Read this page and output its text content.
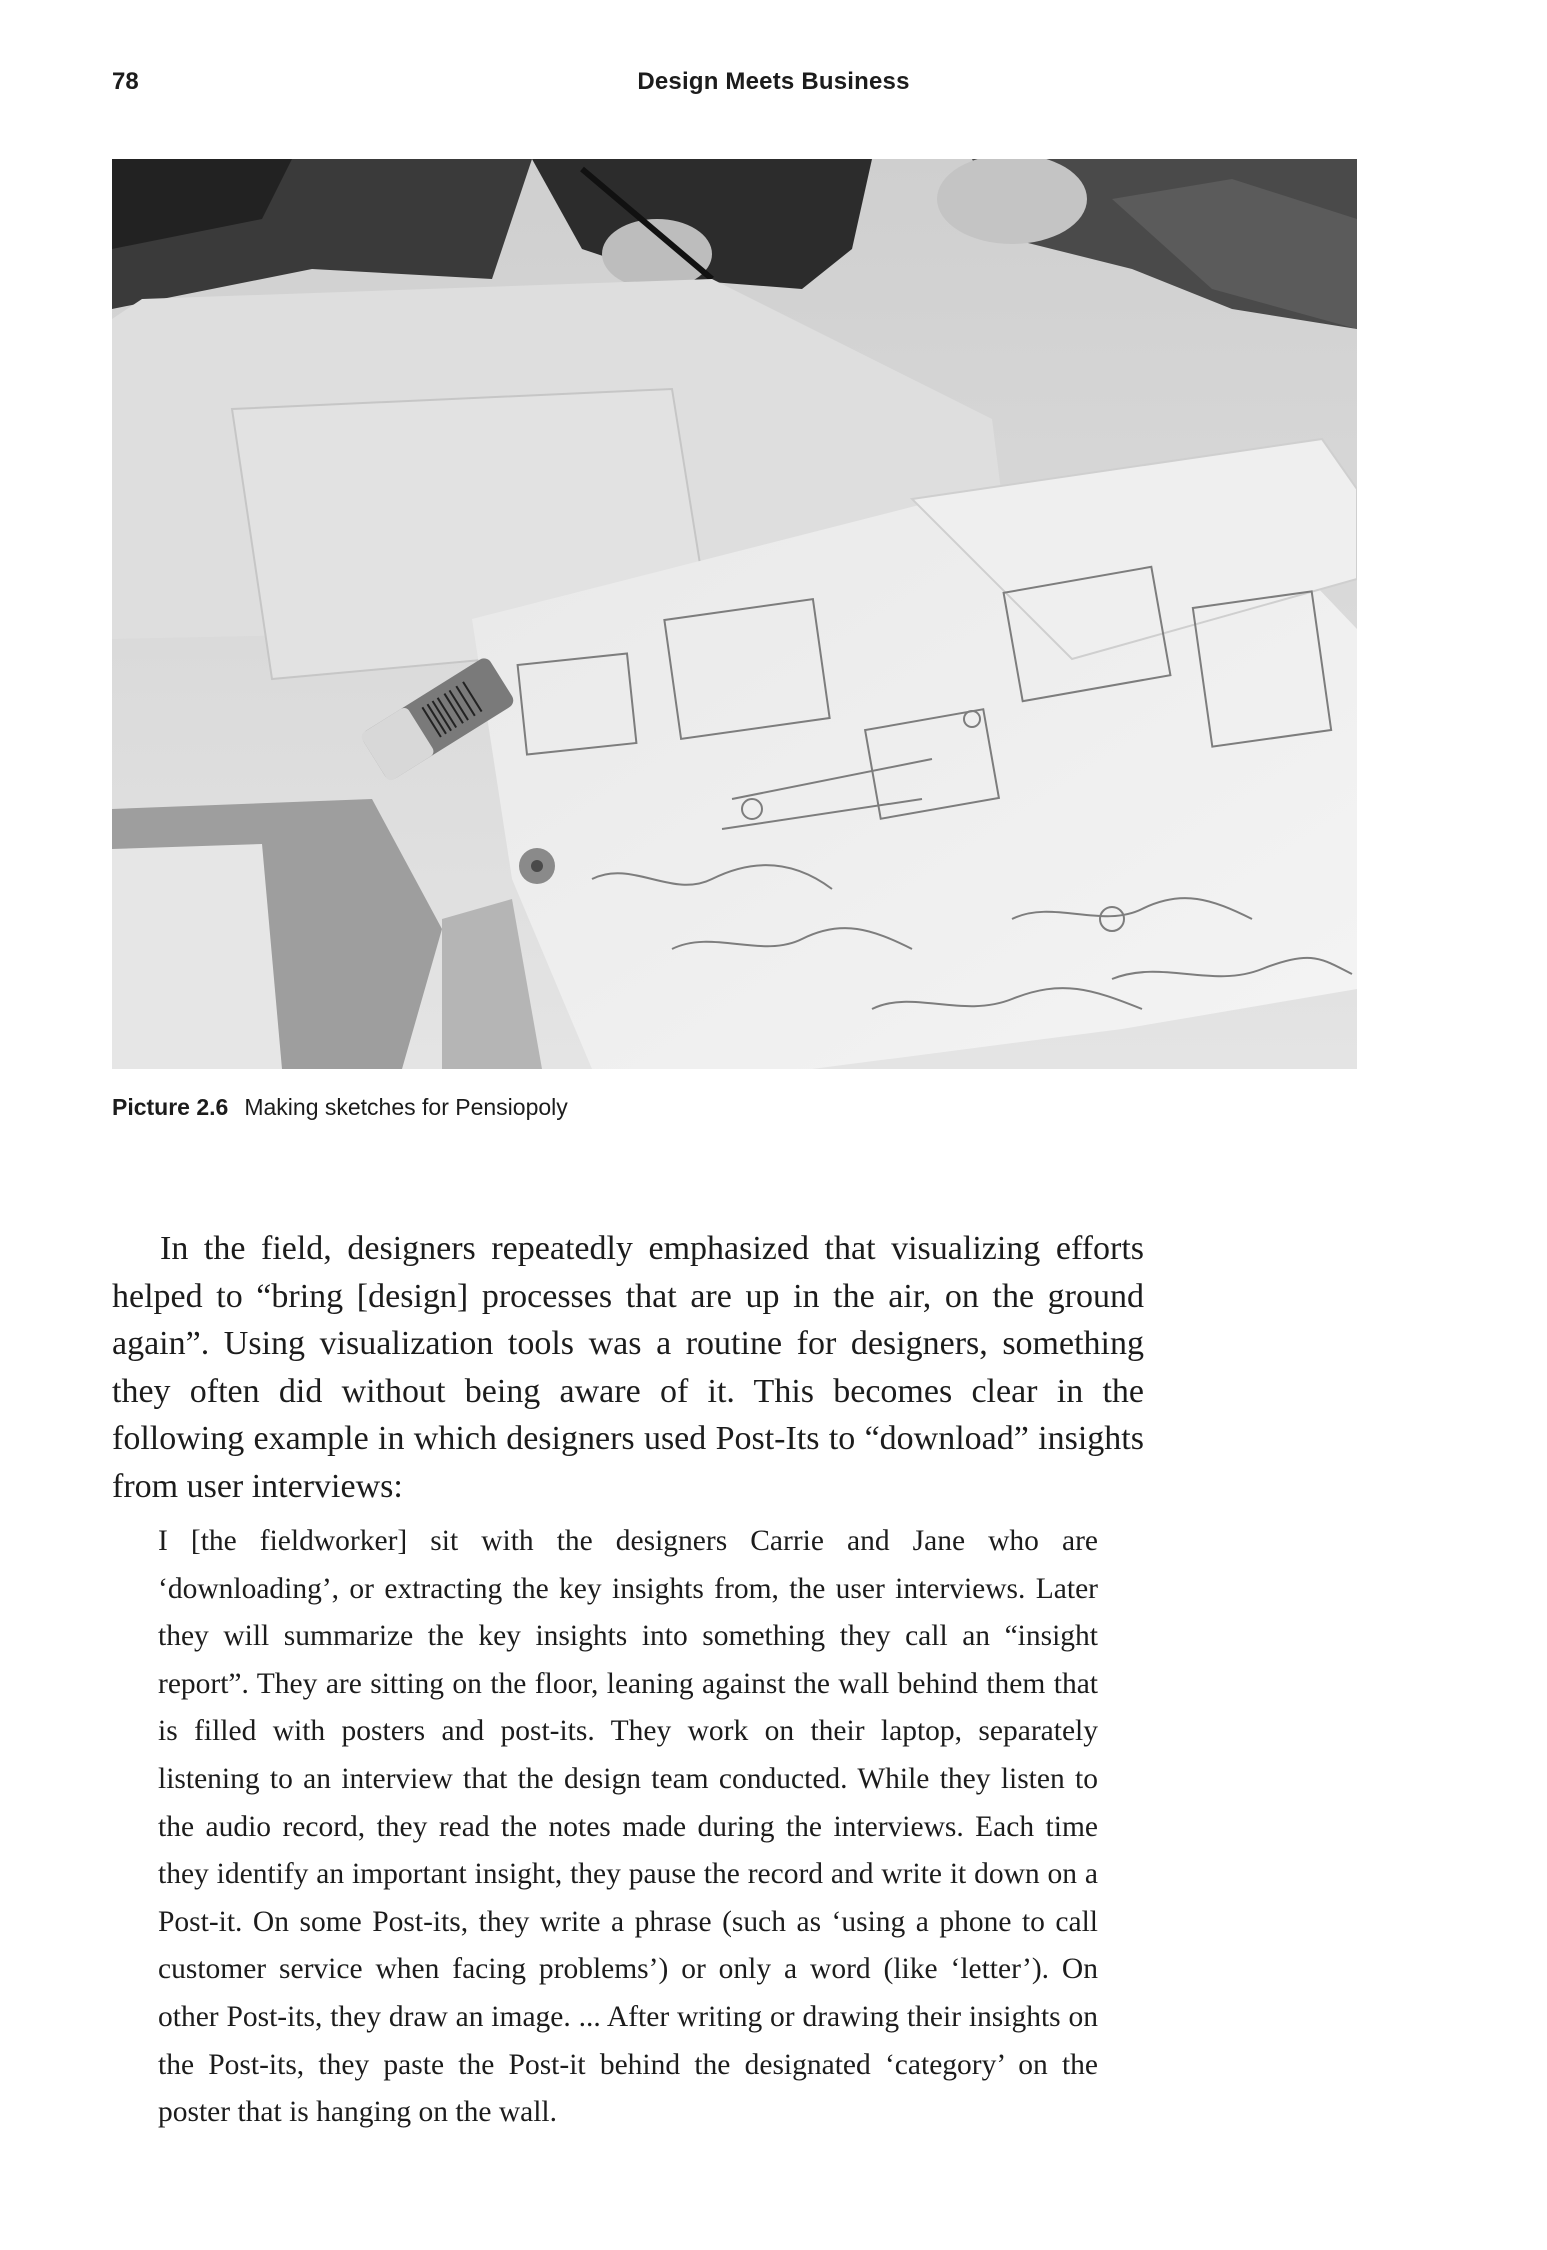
78	Design Meets Business
Picture 2.6 Making sketches for Pensiopoly

In the field, designers repeatedly emphasized that visualizing efforts helped to “bring [design] processes that are up in the air, on the ground again”. Using visualization tools was a routine for designers, something they often did without being aware of it. This becomes clear in the following example in which designers used Post-Its to “download” insights from user interviews:

I [the fieldworker] sit with the designers Carrie and Jane who are ‘downloading’, or extracting the key insights from, the user interviews. Later they will summarize the key insights into something they call an “insight report”. They are sitting on the floor, leaning against the wall behind them that is filled with posters and post-its. They work on their laptop, separately listening to an interview that the design team conducted. While they listen to the audio record, they read the notes made during the interviews. Each time they identify an important insight, they pause the record and write it down on a Post-it. On some Post-its, they write a phrase (such as ‘using a phone to call customer service when facing problems’) or only a word (like ‘letter’). On other Post-its, they draw an image. ... After writing or drawing their insights on the Post-its, they paste the Post-it behind the designated ‘category’ on the poster that is hanging on the wall.
